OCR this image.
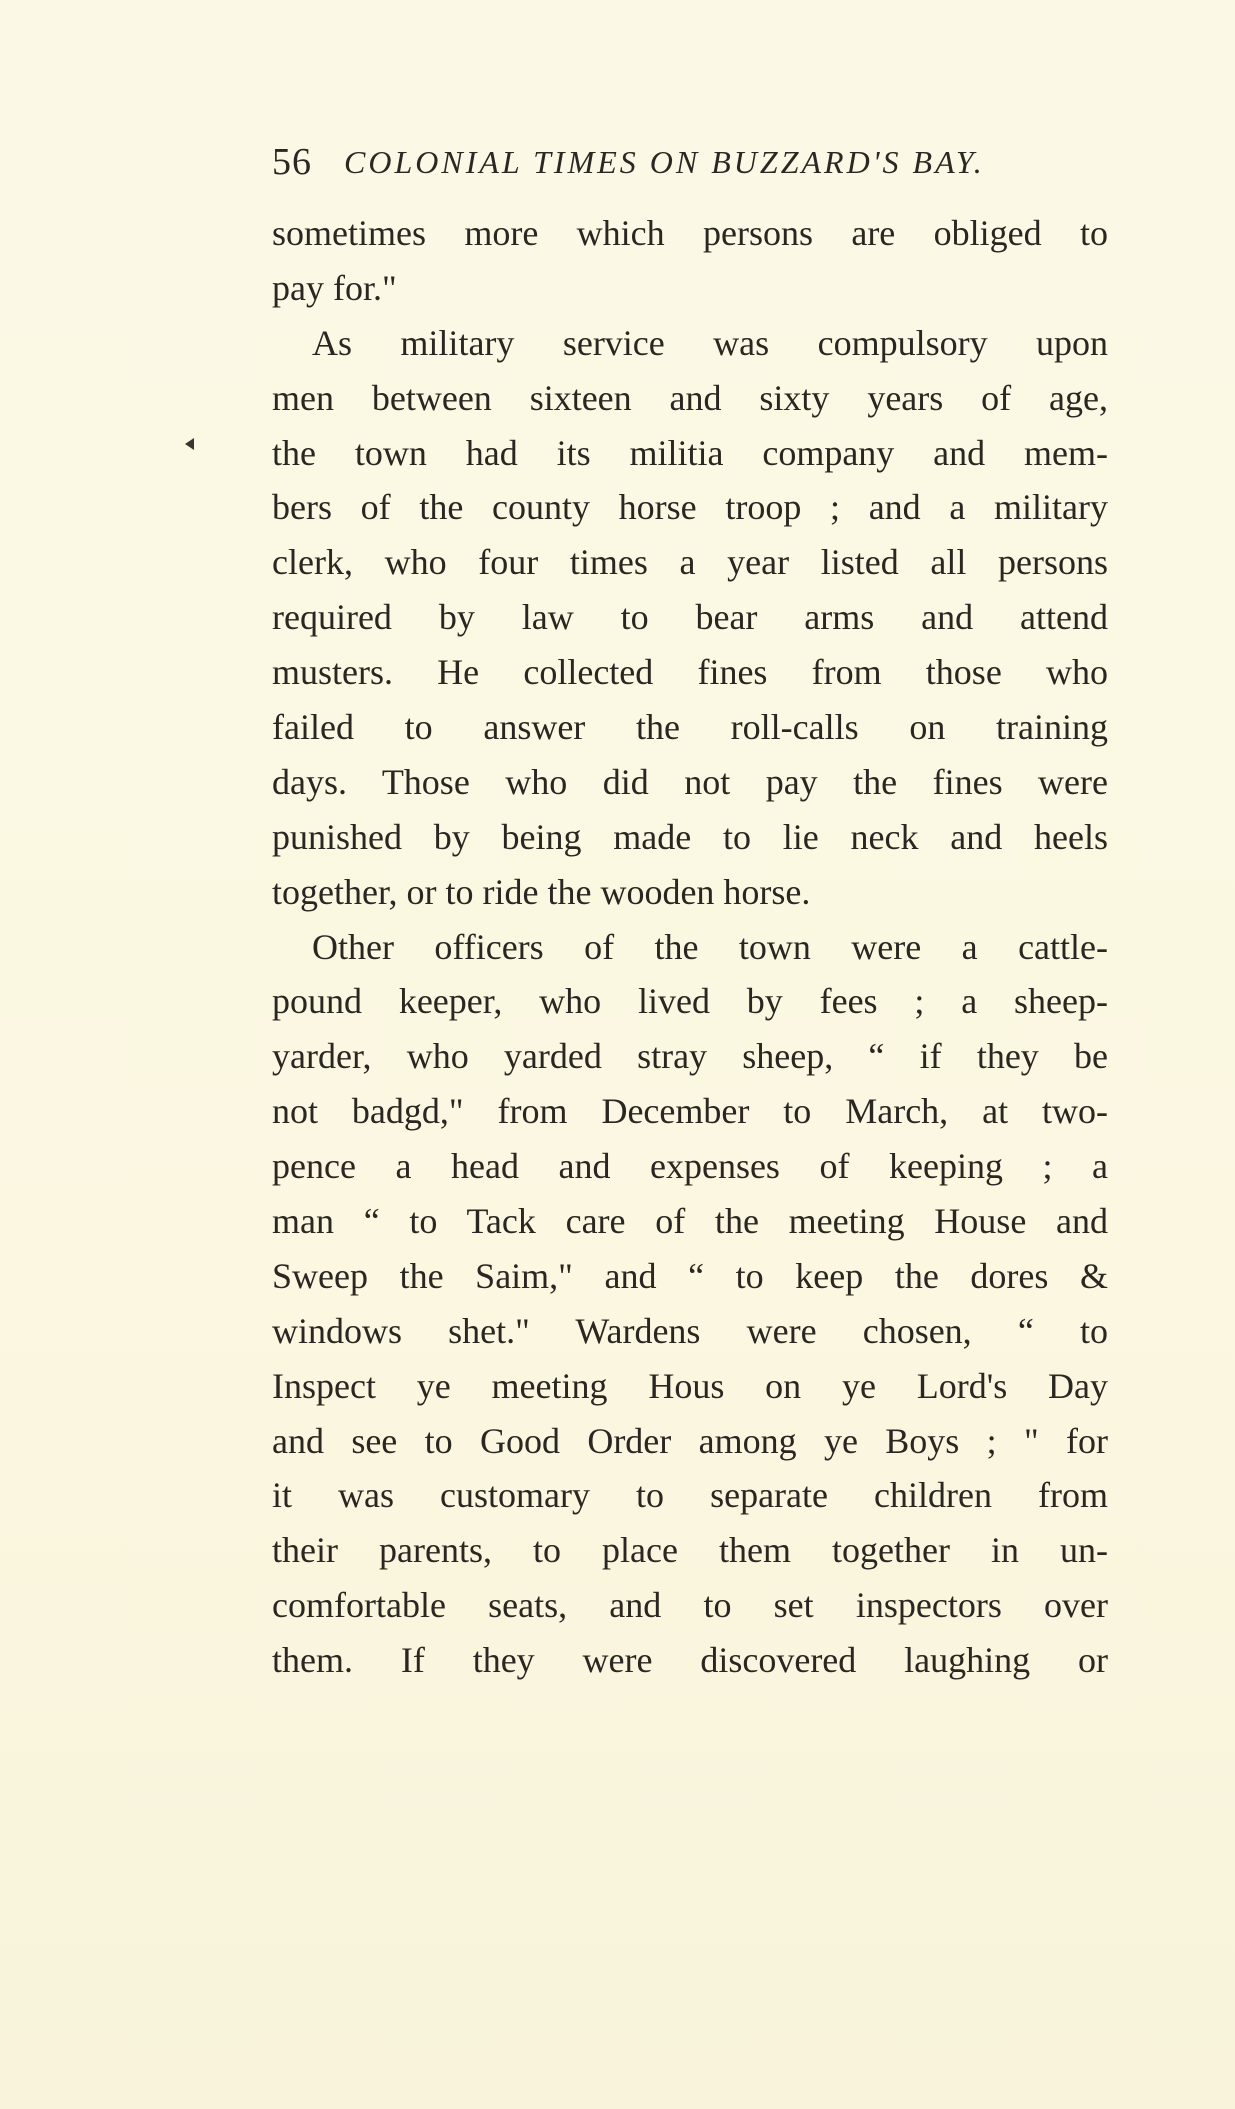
56 COLONIAL TIMES ON BUZZARD'S BAY.
sometimes more which persons are obliged to
pay for."
As military service was compulsory upon
men between sixteen and sixty years of age,
the town had its militia company and mem-
bers of the county horse troop ; and a military
clerk, who four times a year listed all persons
required by law to bear arms and attend
musters. He collected fines from those who
failed to answer the roll-calls on training
days. Those who did not pay the fines were
punished by being made to lie neck and heels
together, or to ride the wooden horse.
Other officers of the town were a cattle-
pound keeper, who lived by fees ; a sheep-
yarder, who yarded stray sheep, “ if they be
not badgd," from December to March, at two-
pence a head and expenses of keeping ; a
man “ to Tack care of the meeting House and
Sweep the Saim," and “ to keep the dores &
windows shet." Wardens were chosen, “ to
Inspect ye meeting Hous on ye Lord's Day
and see to Good Order among ye Boys ; " for
it was customary to separate children from
their parents, to place them together in un-
comfortable seats, and to set inspectors over
them. If they were discovered laughing or
